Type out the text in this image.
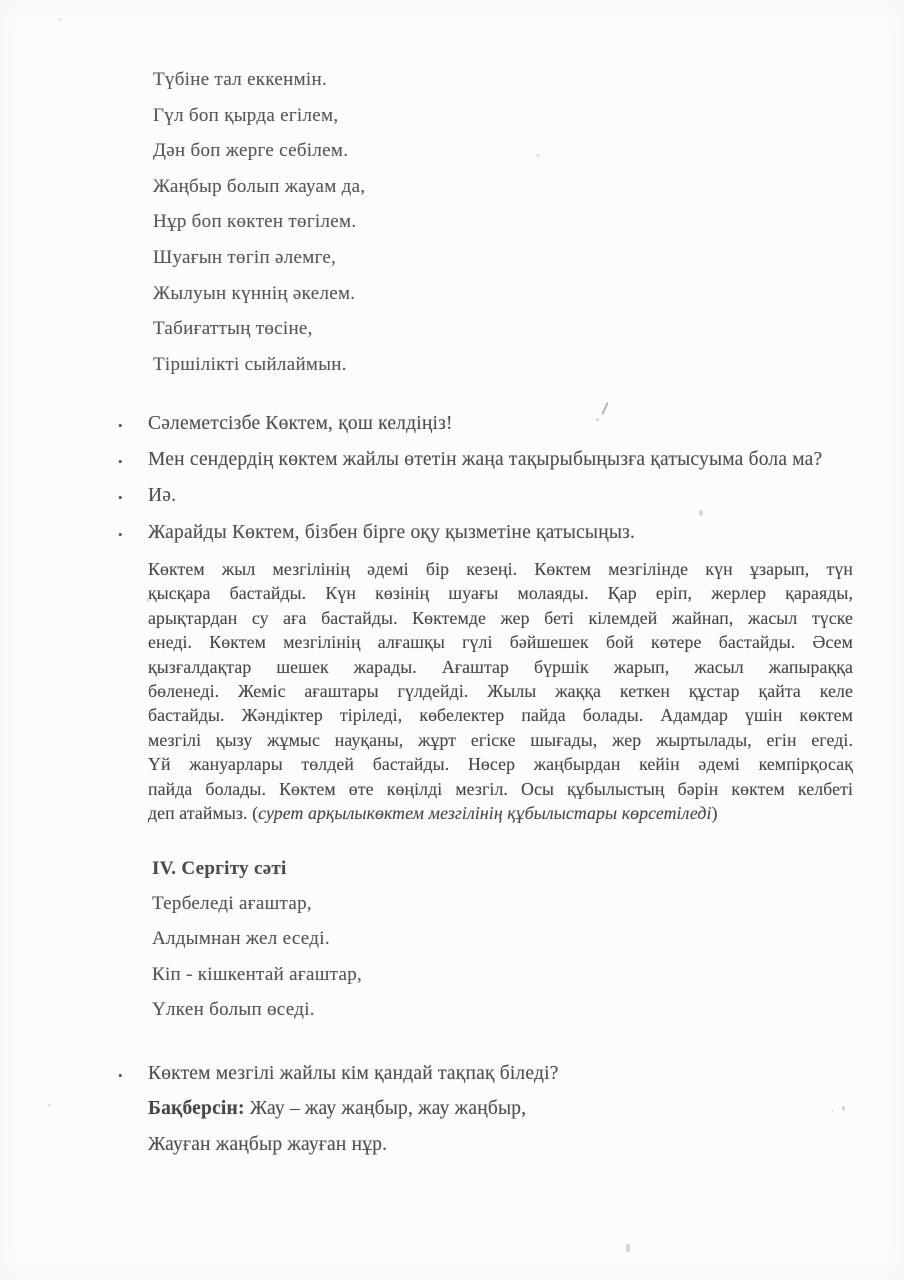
Түбіне тал еккенмін.
Гүл боп қырда егілем,
Дән боп жерге себілем.
Жаңбыр болып жауам да,
Нұр боп көктен төгілем.
Шуағын төгіп әлемге,
Жылуын күннің әкелем.
Табиғаттың төсіне,
Тіршілікті сыйлаймын.
•	Сәлеметсізбе Көктем, қош келдіңіз!
•	Мен сендердің көктем жайлы өтетін жаңа тақырыбыңызға қатысуыма бола ма?
•	Иә.
•	Жарайды Көктем, бізбен бірге оқу қызметіне қатысыңыз.
Көктем жыл мезгілінің әдемі бір кезеңі. Көктем мезгілінде күн ұзарып, түн
қысқара бастайды. Күн көзінің шуағы молаяды. Қар еріп, жерлер қараяды,
арықтардан су аға бастайды. Көктемде жер беті кілемдей жайнап, жасыл түске
енеді. Көктем мезгілінің алғашқы гүлі бәйшешек бой көтере бастайды. Әсем
қызғалдақтар шешек жарады. Ағаштар бүршік жарып, жасыл жапыраққа
бөленеді. Жеміс ағаштары гүлдейді. Жылы жаққа кеткен құстар қайта келе
бастайды. Жәндіктер тіріледі, көбелектер пайда болады. Адамдар үшін көктем
мезгілі қызу жұмыс науқаны, жұрт егіске шығады, жер жыртылады, егін егеді.
Үй жануарлары төлдей бастайды. Нөсер жаңбырдан кейін әдемі кемпірқосақ
пайда болады. Көктем өте көңілді мезгіл. Осы құбылыстың бәрін көктем келбеті
деп атаймыз. (сурет арқылыкөктем мезгілінің құбылыстары көрсетіледі)
IV. Сергіту сәті
Тербеледі ағаштар,
Алдымнан жел еседі.
Кіп - кішкентай ағаштар,
Үлкен болып өседі.
•	Көктем мезгілі жайлы кім қандай тақпақ біледі?
Бақберсін: Жау – жау жаңбыр, жау жаңбыр,
Жауған жаңбыр жауған нұр.
